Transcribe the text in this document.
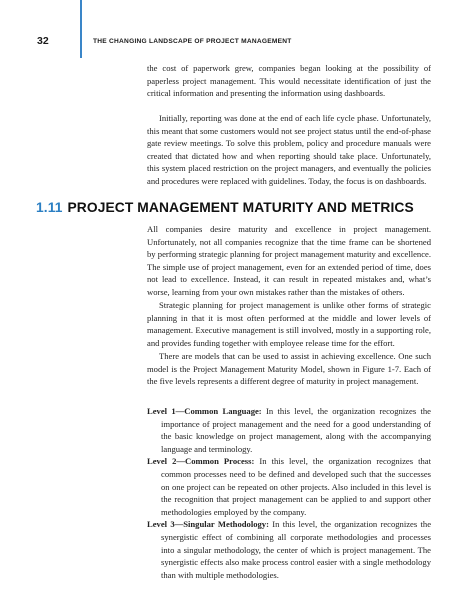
32	THE CHANGING LANDSCAPE OF PROJECT MANAGEMENT

the cost of paperwork grew, companies began looking at the possibility of paperless project management. This would necessitate identification of just the critical information and presenting the information using dashboards.

Initially, reporting was done at the end of each life cycle phase. Unfortunately, this meant that some customers would not see project status until the end-of-phase gate review meetings. To solve this problem, policy and procedure manuals were created that dictated how and when reporting should take place. Unfortunately, this system placed restriction on the project managers, and eventually the policies and procedures were replaced with guidelines. Today, the focus is on dashboards.

1.11 PROJECT MANAGEMENT MATURITY AND METRICS

All companies desire maturity and excellence in project management. Unfortunately, not all companies recognize that the time frame can be shortened by performing strategic planning for project management maturity and excellence. The simple use of project management, even for an extended period of time, does not lead to excellence. Instead, it can result in repeated mistakes and, what’s worse, learning from your own mistakes rather than the mistakes of others.

Strategic planning for project management is unlike other forms of strategic planning in that it is most often performed at the middle and lower levels of management. Executive management is still involved, mostly in a supporting role, and provides funding together with employee release time for the effort.

There are models that can be used to assist in achieving excellence. One such model is the Project Management Maturity Model, shown in Figure 1-7. Each of the five levels represents a different degree of maturity in project management.

Level 1—Common Language: In this level, the organization recognizes the importance of project management and the need for a good understanding of the basic knowledge on project management, along with the accompanying language and terminology.
Level 2—Common Process: In this level, the organization recognizes that common processes need to be defined and developed such that the successes on one project can be repeated on other projects. Also included in this level is the recognition that project management can be applied to and support other methodologies employed by the company.
Level 3—Singular Methodology: In this level, the organization recognizes the synergistic effect of combining all corporate methodologies and processes into a singular methodology, the center of which is project management. The synergistic effects also make process control easier with a single methodology than with multiple methodologies.
